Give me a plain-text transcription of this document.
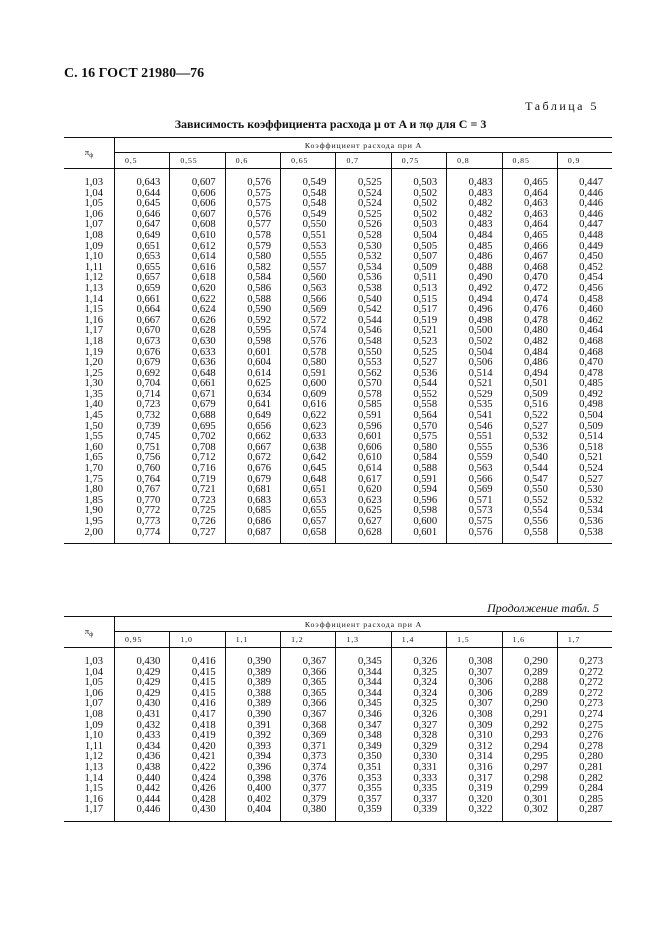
С. 16 ГОСТ 21980—76
Таблица 5
Зависимость коэффициента расхода μ от A и πφ для C = 3
$\pi_ф$	Коэффициент расхода при A								
	0,5	0,55	0,6	0,65	0,7	0,75	0,8	0,85	0,9

1,03	0,643	0,607	0,576	0,549	0,525	0,503	0,483	0,465	0,447
1,04	0,644	0,606	0,575	0,548	0,524	0,502	0,483	0,464	0,446
1,05	0,645	0,606	0,575	0,548	0,524	0,502	0,482	0,463	0,446
1,06	0,646	0,607	0,576	0,549	0,525	0,502	0,482	0,463	0,446
1,07	0,647	0,608	0,577	0,550	0,526	0,503	0,483	0,464	0,447
1,08	0,649	0,610	0,578	0,551	0,528	0,504	0,484	0,465	0,448
1,09	0,651	0,612	0,579	0,553	0,530	0,505	0,485	0,466	0,449
1,10	0,653	0,614	0,580	0,555	0,532	0,507	0,486	0,467	0,450
1,11	0,655	0,616	0,582	0,557	0,534	0,509	0,488	0,468	0,452
1,12	0,657	0,618	0,584	0,560	0,536	0,511	0,490	0,470	0,454
1,13	0,659	0,620	0,586	0,563	0,538	0,513	0,492	0,472	0,456
1,14	0,661	0,622	0,588	0,566	0,540	0,515	0,494	0,474	0,458
1,15	0,664	0,624	0,590	0,569	0,542	0,517	0,496	0,476	0,460
1,16	0,667	0,626	0,592	0,572	0,544	0,519	0,498	0,478	0,462
1,17	0,670	0,628	0,595	0,574	0,546	0,521	0,500	0,480	0,464
1,18	0,673	0,630	0,598	0,576	0,548	0,523	0,502	0,482	0,468
1,19	0,676	0,633	0,601	0,578	0,550	0,525	0,504	0,484	0,468
1,20	0,679	0,636	0,604	0,580	0,553	0,527	0,506	0,486	0,470
1,25	0,692	0,648	0,614	0,591	0,562	0,536	0,514	0,494	0,478
1,30	0,704	0,661	0,625	0,600	0,570	0,544	0,521	0,501	0,485
1,35	0,714	0,671	0,634	0,609	0,578	0,552	0,529	0,509	0,492
1,40	0,723	0,679	0,641	0,616	0,585	0,558	0,535	0,516	0,498
1,45	0,732	0,688	0,649	0,622	0,591	0,564	0,541	0,522	0,504
1,50	0,739	0,695	0,656	0,623	0,596	0,570	0,546	0,527	0,509
1,55	0,745	0,702	0,662	0,633	0,601	0,575	0,551	0,532	0,514
1,60	0,751	0,708	0,667	0,638	0,606	0,580	0,555	0,536	0,518
1,65	0,756	0,712	0,672	0,642	0,610	0,584	0,559	0,540	0,521
1,70	0,760	0,716	0,676	0,645	0,614	0,588	0,563	0,544	0,524
1,75	0,764	0,719	0,679	0,648	0,617	0,591	0,566	0,547	0,527
1,80	0,767	0,721	0,681	0,651	0,620	0,594	0,569	0,550	0,530
1,85	0,770	0,723	0,683	0,653	0,623	0,596	0,571	0,552	0,532
1,90	0,772	0,725	0,685	0,655	0,625	0,598	0,573	0,554	0,534
1,95	0,773	0,726	0,686	0,657	0,627	0,600	0,575	0,556	0,536
2,00	0,774	0,727	0,687	0,658	0,628	0,601	0,576	0,558	0,538

Продолжение табл. 5
$\pi_ф$	Коэффициент расхода при A								
	0,95	1,0	1,1	1,2	1,3	1,4	1,5	1,6	1,7

1,03	0,430	0,416	0,390	0,367	0,345	0,326	0,308	0,290	0,273
1,04	0,429	0,415	0,389	0,366	0,344	0,325	0,307	0,289	0,272
1,05	0,429	0,415	0,389	0,365	0,344	0,324	0,306	0,288	0,272
1,06	0,429	0,415	0,388	0,365	0,344	0,324	0,306	0,289	0,272
1,07	0,430	0,416	0,389	0,366	0,345	0,325	0,307	0,290	0,273
1,08	0,431	0,417	0,390	0,367	0,346	0,326	0,308	0,291	0,274
1,09	0,432	0,418	0,391	0,368	0,347	0,327	0,309	0,292	0,275
1,10	0,433	0,419	0,392	0,369	0,348	0,328	0,310	0,293	0,276
1,11	0,434	0,420	0,393	0,371	0,349	0,329	0,312	0,294	0,278
1,12	0,436	0,421	0,394	0,373	0,350	0,330	0,314	0,295	0,280
1,13	0,438	0,422	0,396	0,374	0,351	0,331	0,316	0,297	0,281
1,14	0,440	0,424	0,398	0,376	0,353	0,333	0,317	0,298	0,282
1,15	0,442	0,426	0,400	0,377	0,355	0,335	0,319	0,299	0,284
1,16	0,444	0,428	0,402	0,379	0,357	0,337	0,320	0,301	0,285
1,17	0,446	0,430	0,404	0,380	0,359	0,339	0,322	0,302	0,287
